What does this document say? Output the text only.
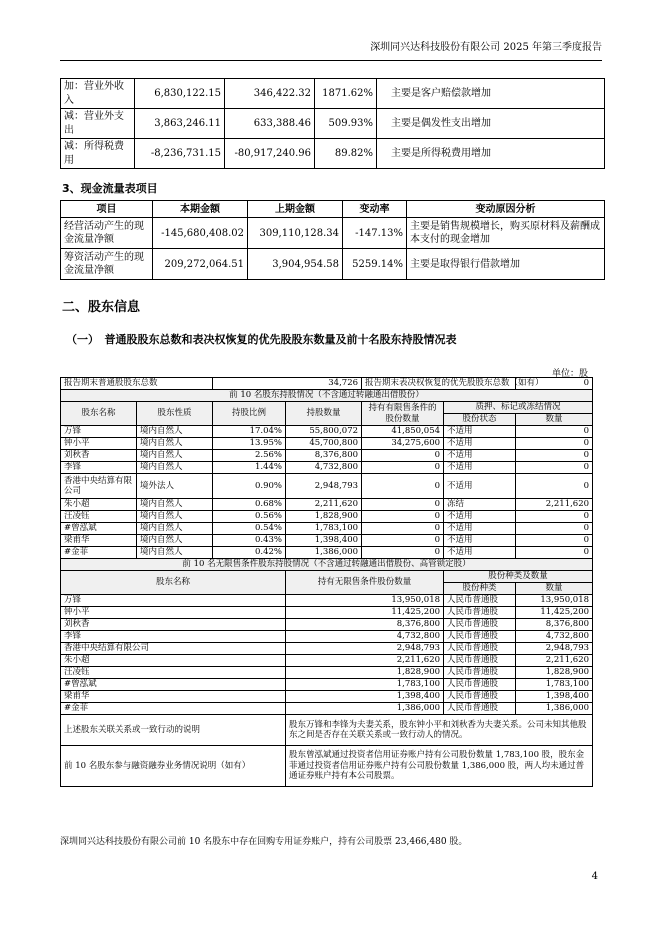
深圳同兴达科技股份有限公司 2025 年第三季度报告
加：营业外收入	6,830,122.15	346,422.32	1871.62%	主要是客户赔偿款增加
减：营业外支出	3,863,246.11	633,388.46	509.93%	主要是偶发性支出增加
减：所得税费用	-8,236,731.15	-80,917,240.96	89.82%	主要是所得税费用增加
3、现金流量表项目
项目	本期金额	上期金额	变动率	变动原因分析
经营活动产生的现金流量净额	-145,680,408.02	309,110,128.34	-147.13%	主要是销售规模增长，购买原材料及薪酬成本支付的现金增加
筹资活动产生的现金流量净额	209,272,064.51	3,904,954.58	5259.14%	主要是取得银行借款增加
二、股东信息
（一）　普通股股东总数和表决权恢复的优先股股东数量及前十名股东持股情况表
单位：股
报告期末普通股股东总数		34,726		报告期末表决权恢复的优先股股东总数（如有）		0
前 10 名股东持股情况（不含通过转融通出借股份）						
股东名称	股东性质	持股比例	持股数量	持有有限售条件的股份数量	质押、标记或冻结情况	
					股份状态	数量
万锋	境内自然人	17.04%	55,800,072	41,850,054	不适用	0
钟小平	境内自然人	13.95%	45,700,800	34,275,600	不适用	0
刘秋香	境内自然人	2.56%	8,376,800	0	不适用	0
李锋	境内自然人	1.44%	4,732,800	0	不适用	0
香港中央结算有限公司	境外法人	0.90%	2,948,793	0	不适用	0
朱小超	境内自然人	0.68%	2,211,620	0	冻结	2,211,620
汪凌钰	境内自然人	0.56%	1,828,900	0	不适用	0
#曾泓斌	境内自然人	0.54%	1,783,100	0	不适用	0
梁甫华	境内自然人	0.43%	1,398,400	0	不适用	0
#金菲	境内自然人	0.42%	1,386,000	0	不适用	0
前 10 名无限售条件股东持股情况（不含通过转融通出借股份、高管锁定股）						
股东名称			持有无限售条件股份数量		股份种类及数量	
					股份种类	数量
万锋			13,950,018		人民币普通股	13,950,018
钟小平			11,425,200		人民币普通股	11,425,200
刘秋香			8,376,800		人民币普通股	8,376,800
李锋			4,732,800		人民币普通股	4,732,800
香港中央结算有限公司			2,948,793		人民币普通股	2,948,793
朱小超			2,211,620		人民币普通股	2,211,620
汪凌钰			1,828,900		人民币普通股	1,828,900
#曾泓斌			1,783,100		人民币普通股	1,783,100
梁甫华			1,398,400		人民币普通股	1,398,400
#金菲			1,386,000		人民币普通股	1,386,000
上述股东关联关系或一致行动的说明			股东万锋和李锋为夫妻关系，股东钟小平和刘秋香为夫妻关系。公司未知其他股东之间是否存在关联关系或一致行动人的情况。			
前 10 名股东参与融资融券业务情况说明（如有）			股东曾泓斌通过投资者信用证券账户持有公司股份数量 1,783,100 股，股东金菲通过投资者信用证券账户持有公司股份数量 1,386,000 股，两人均未通过普通证券账户持有本公司股票。			
深圳同兴达科技股份有限公司前 10 名股东中存在回购专用证券账户，持有公司股票 23,466,480 股。
4
